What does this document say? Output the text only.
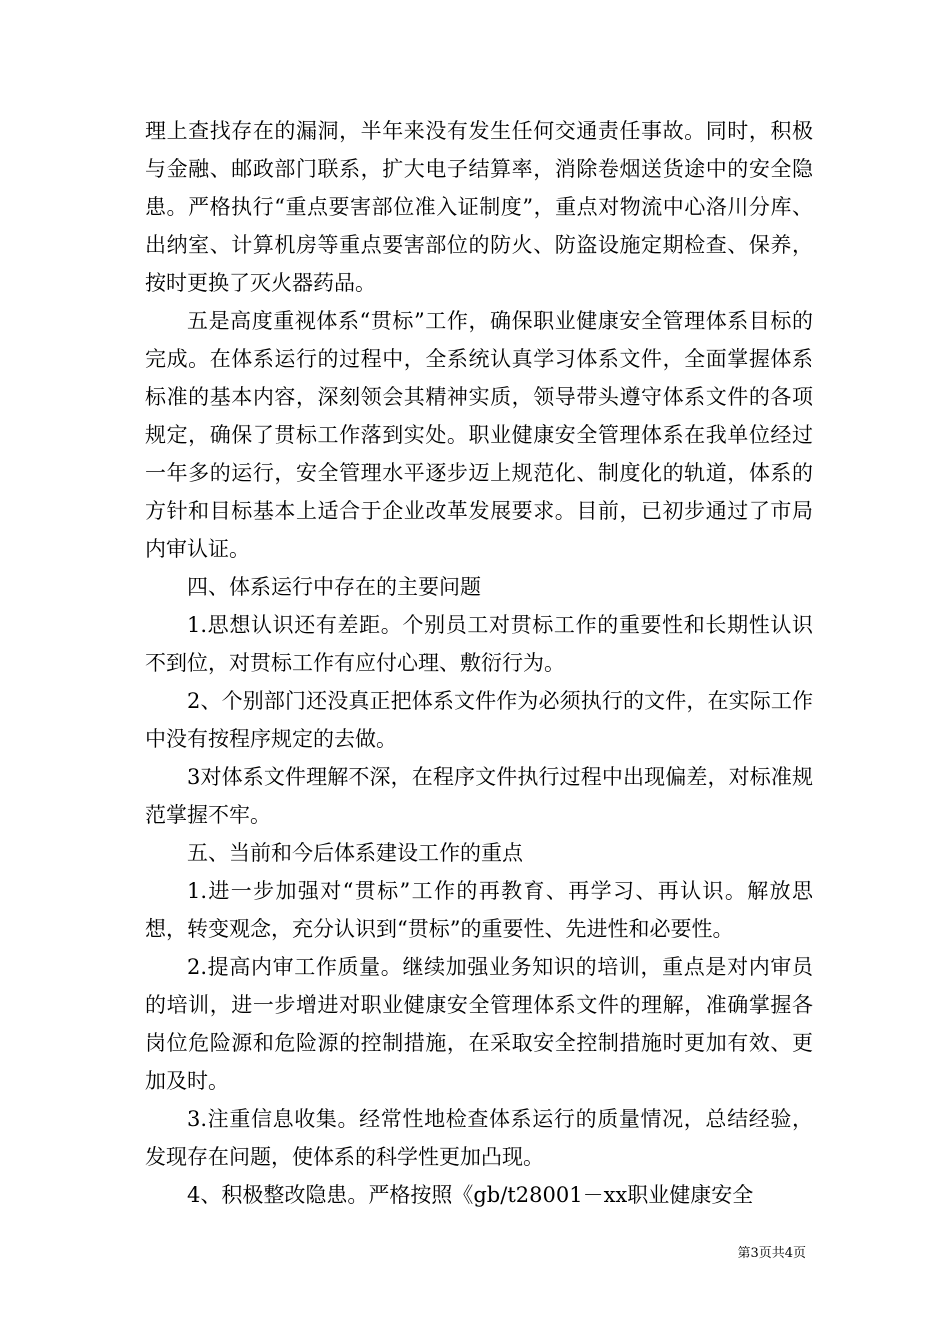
理上查找存在的漏洞，半年来没有发生任何交通责任事故。同时，积极与金融、邮政部门联系，扩大电子结算率，消除卷烟送货途中的安全隐患。严格执行“重点要害部位准入证制度”，重点对物流中心洛川分库、出纳室、计算机房等重点要害部位的防火、防盗设施定期检查、保养，按时更换了灭火器药品。

五是高度重视体系“贯标”工作，确保职业健康安全管理体系目标的完成。在体系运行的过程中，全系统认真学习体系文件，全面掌握体系标准的基本内容，深刻领会其精神实质，领导带头遵守体系文件的各项规定，确保了贯标工作落到实处。职业健康安全管理体系在我单位经过一年多的运行，安全管理水平逐步迈上规范化、制度化的轨道，体系的方针和目标基本上适合于企业改革发展要求。目前，已初步通过了市局内审认证。

四、体系运行中存在的主要问题

1.思想认识还有差距。个别员工对贯标工作的重要性和长期性认识不到位，对贯标工作有应付心理、敷衍行为。

2、个别部门还没真正把体系文件作为必须执行的文件，在实际工作中没有按程序规定的去做。

3对体系文件理解不深，在程序文件执行过程中出现偏差，对标准规范掌握不牢。

五、当前和今后体系建设工作的重点

1.进一步加强对“贯标”工作的再教育、再学习、再认识。解放思想，转变观念，充分认识到“贯标”的重要性、先进性和必要性。

2.提高内审工作质量。继续加强业务知识的培训，重点是对内审员的培训，进一步增进对职业健康安全管理体系文件的理解，准确掌握各岗位危险源和危险源的控制措施，在采取安全控制措施时更加有效、更加及时。

3.注重信息收集。经常性地检查体系运行的质量情况，总结经验，发现存在问题，使体系的科学性更加凸现。

4、积极整改隐患。严格按照《gb/t28001－xx职业健康安全

第3页共4页
